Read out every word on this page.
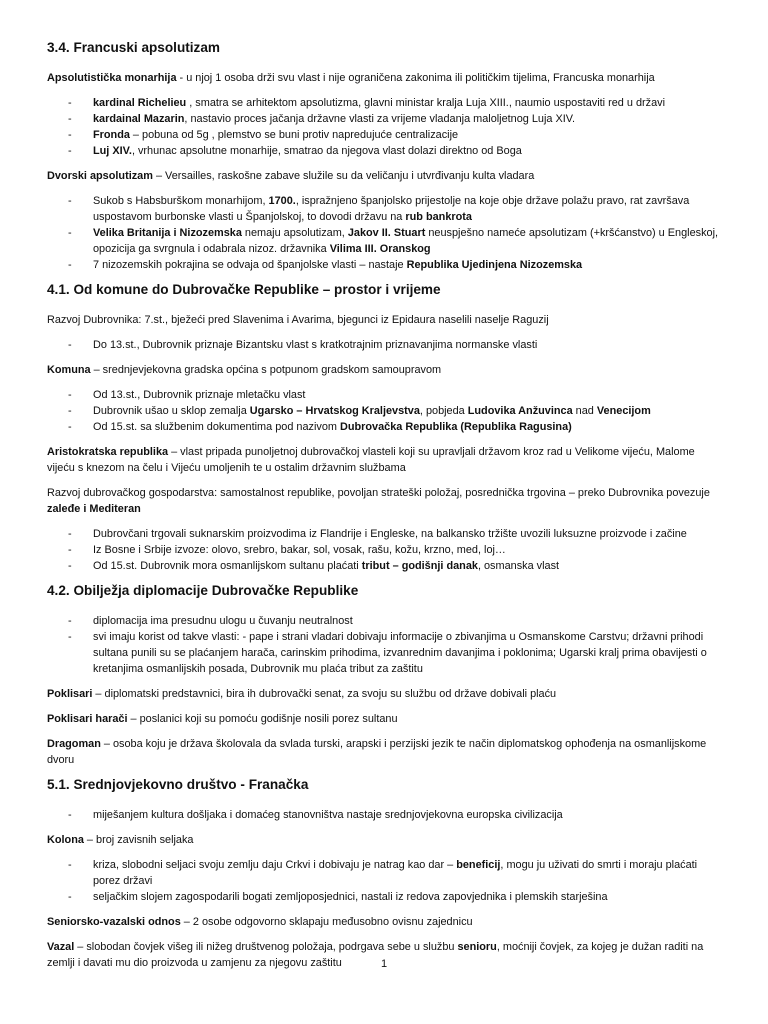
3.4. Francuski apsolutizam
Apsolutistička monarhija - u njoj 1 osoba drži svu vlast i nije ograničena zakonima ili političkim tijelima, Francuska monarhija
- kardinal Richelieu , smatra se arhitektom apsolutizma, glavni ministar kralja Luja XIII., naumio uspostaviti red u državi
- kardainal Mazarin, nastavio proces jačanja državne vlasti za vrijeme vladanja maloljetnog Luja XIV.
- Fronda – pobuna od 5g , plemstvo se buni protiv napredujuće centralizacije
- Luj XIV., vrhunac apsolutne monarhije, smatrao da njegova vlast dolazi direktno od Boga
Dvorski apsolutizam – Versailles, raskošne zabave služile su da veličanju i utvrđivanju kulta vladara
- Sukob s Habsburškom monarhijom, 1700., ispražnjeno španjolsko prijestolje na koje obje države polažu pravo, rat završava uspostavom burbonske vlasti u Španjolskoj, to dovodi državu na rub bankrota
- Velika Britanija i Nizozemska nemaju apsolutizam, Jakov II. Stuart neuspješno nameće apsolutizam (+kršćanstvo) u Engleskoj, opozicija ga svrgnula i odabrala nizoz. državnika Vilima III. Oranskog
- 7 nizozemskih pokrajina se odvaja od španjolske vlasti – nastaje Republika Ujedinjena Nizozemska
4.1. Od komune do Dubrovačke Republike – prostor i vrijeme
Razvoj Dubrovnika: 7.st., bježeći pred Slavenima i Avarima, bjegunci iz Epidaura naselili naselje Raguzij
- Do 13.st., Dubrovnik priznaje Bizantsku vlast s kratkotrajnim priznavanjima normanske vlasti
Komuna – srednjevjekovna gradska općina s potpunom gradskom samoupravom
- Od 13.st., Dubrovnik priznaje mletačku vlast
- Dubrovnik ušao u sklop zemalja Ugarsko – Hrvatskog Kraljevstva, pobjeda Ludovika Anžuvinca nad Venecijom
- Od 15.st. sa službenim dokumentima pod nazivom Dubrovačka Republika (Republika Ragusina)
Aristokratska republika – vlast pripada punoljetnoj dubrovačkoj vlasteli koji su upravljali državom kroz rad u Velikome vijeću, Malome vijeću s knezom na čelu i Vijeću umoljenih te u ostalim državnim službama
Razvoj dubrovačkog gospodarstva: samostalnost republike, povoljan strateški položaj, posrednička trgovina – preko Dubrovnika povezuje zaleđe i Mediteran
- Dubrovčani trgovali suknarskim proizvodima iz Flandrije i Engleske, na balkansko tržište uvozili luksuzne proizvode i začine
- Iz Bosne i Srbije izvoze: olovo, srebro, bakar, sol, vosak, rašu, kožu, krzno, med, loj…
- Od 15.st. Dubrovnik mora osmanlijskom sultanu plaćati tribut – godišnji danak, osmanska vlast
4.2. Obilježja diplomacije Dubrovačke Republike
- diplomacija ima presudnu ulogu u čuvanju neutralnost
- svi imaju korist od takve vlasti: - pape i strani vladari dobivaju informacije o zbivanjima u Osmanskome Carstvu; državni prihodi sultana punili su se plaćanjem harača, carinskim prihodima, izvanrednim davanjima i poklonima; Ugarski kralj prima obavijesti o kretanjima osmanlijskih posada, Dubrovnik mu plaća tribut za zaštitu
Poklisari – diplomatski predstavnici, bira ih dubrovački senat, za svoju su službu od države dobivali plaću
Poklisari harači – poslanici koji su pomoću godišnje nosili porez sultanu
Dragoman – osoba koju je država školovala da svlada turski, arapski i perzijski jezik te način diplomatskog ophođenja na osmanlijskome dvoru
5.1. Srednjovjekovno društvo - Franačka
- miješanjem kultura došljaka i domaćeg stanovništva nastaje srednjovjekovna europska civilizacija
Kolona – broj zavisnih seljaka
- kriza, slobodni seljaci svoju zemlju daju Crkvi i dobivaju je natrag kao dar – beneficij, mogu ju uživati do smrti i moraju plaćati porez državi
- seljačkim slojem zagospodarili bogati zemljoposjednici, nastali iz redova zapovjednika i plemskih starješina
Seniorsko-vazalski odnos – 2 osobe odgovorno sklapaju međusobno ovisnu zajednicu
Vazal – slobodan čovjek višeg ili nižeg društvenog položaja, podrgava sebe u službu senioru, moćniji čovjek, za kojeg je dužan raditi na zemlji i davati mu dio proizvoda u zamjenu za njegovu zaštitu	1
